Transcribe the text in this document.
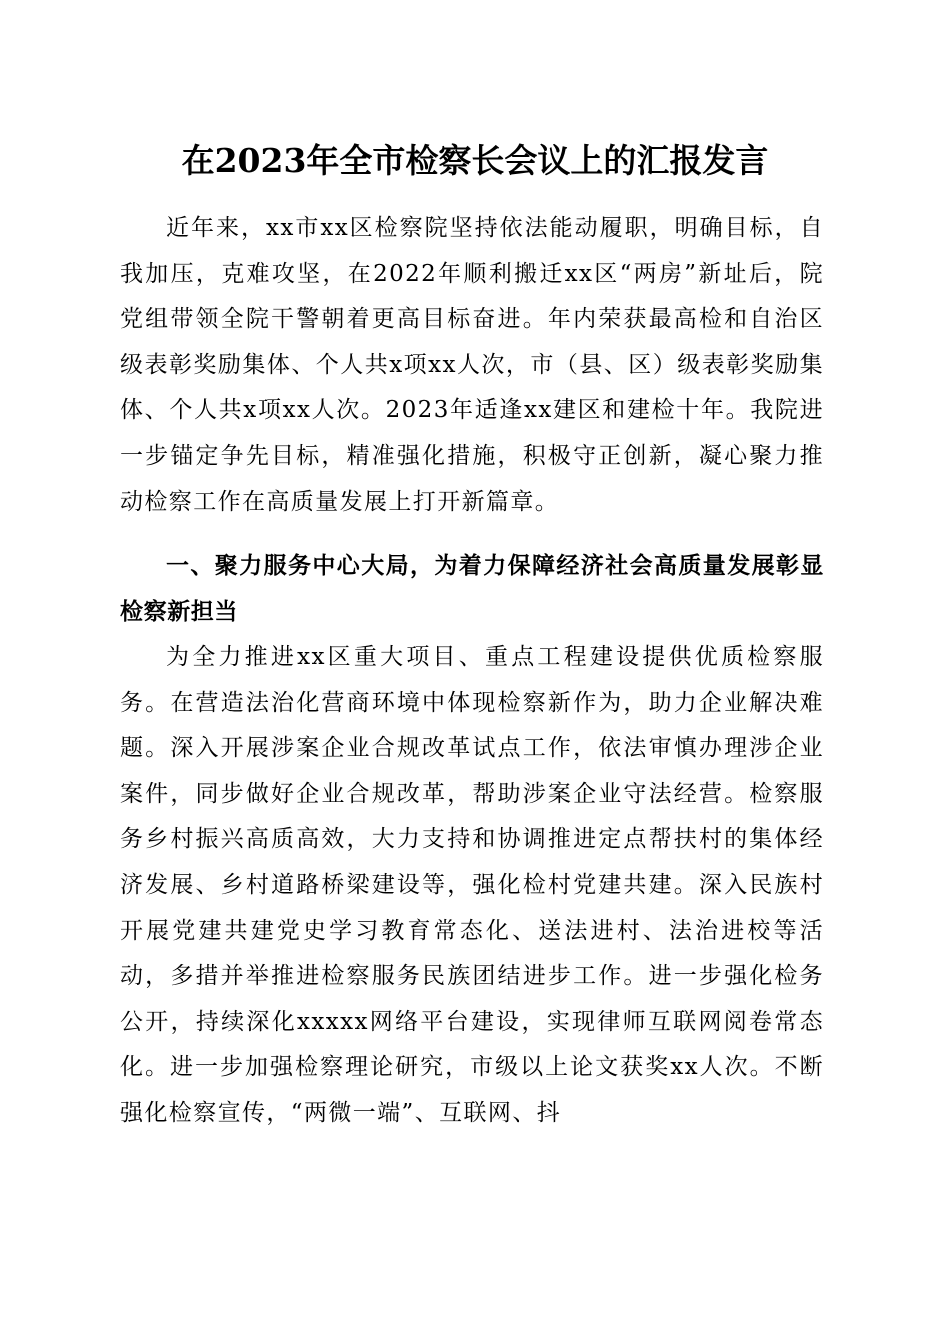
在2023年全市检察长会议上的汇报发言

近年来，xx市xx区检察院坚持依法能动履职，明确目标，自我加压，克难攻坚，在2022年顺利搬迁xx区“两房”新址后，院党组带领全院干警朝着更高目标奋进。年内荣获最高检和自治区级表彰奖励集体、个人共x项xx人次，市（县、区）级表彰奖励集体、个人共x项xx人次。2023年适逢xx建区和建检十年。我院进一步锚定争先目标，精准强化措施，积极守正创新，凝心聚力推动检察工作在高质量发展上打开新篇章。

一、聚力服务中心大局，为着力保障经济社会高质量发展彰显检察新担当

为全力推进xx区重大项目、重点工程建设提供优质检察服务。在营造法治化营商环境中体现检察新作为，助力企业解决难题。深入开展涉案企业合规改革试点工作，依法审慎办理涉企业案件，同步做好企业合规改革，帮助涉案企业守法经营。检察服务乡村振兴高质高效，大力支持和协调推进定点帮扶村的集体经济发展、乡村道路桥梁建设等，强化检村党建共建。深入民族村开展党建共建党史学习教育常态化、送法进村、法治进校等活动，多措并举推进检察服务民族团结进步工作。进一步强化检务公开，持续深化xxxxx网络平台建设，实现律师互联网阅卷常态化。进一步加强检察理论研究，市级以上论文获奖xx人次。不断强化检察宣传，“两微一端”、互联网、抖
